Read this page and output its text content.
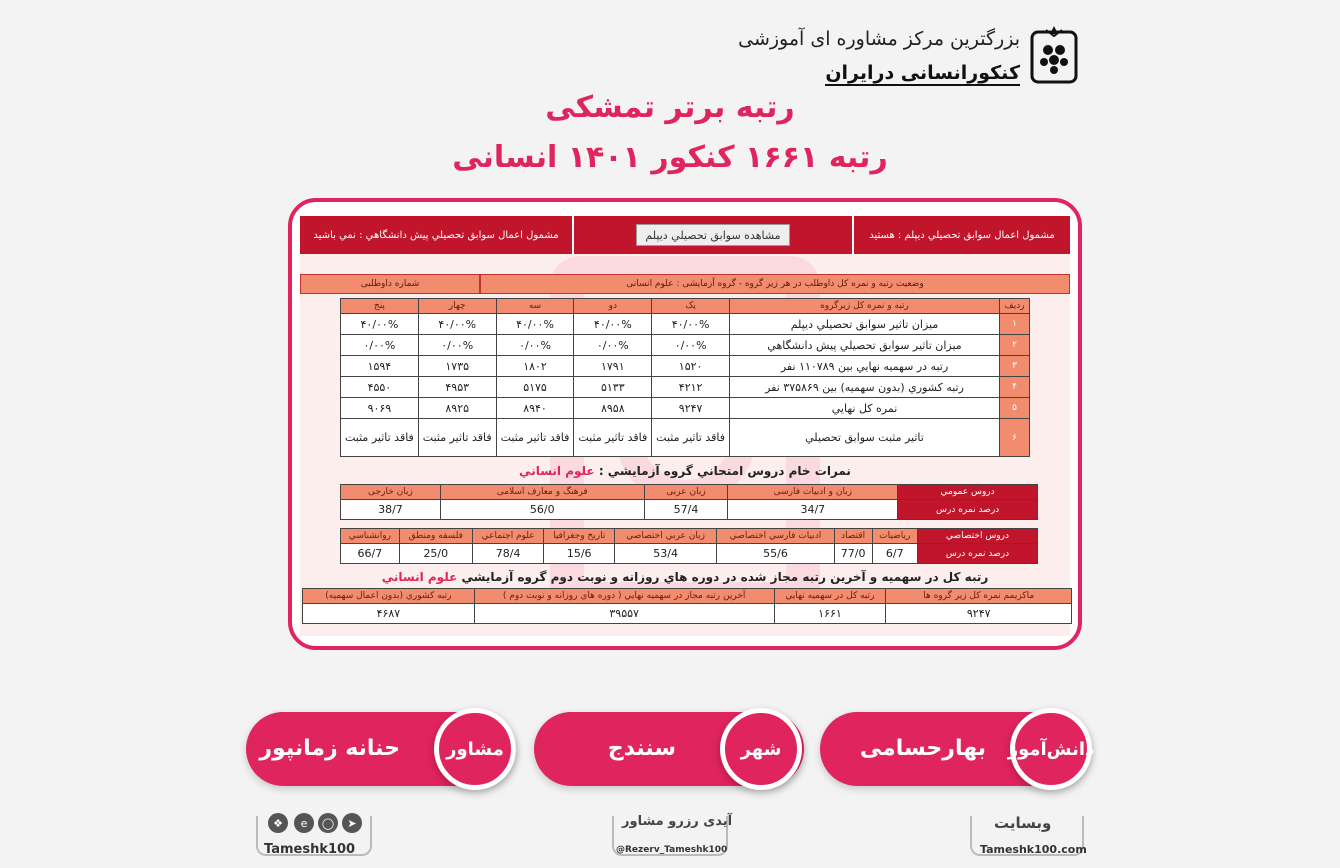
بزرگترین مرکز مشاوره ای آموزشی
کنکورانسانی درایران
رتبه برتر تمشکی
رتبه ۱۶۶۱ کنکور ۱۴۰۱ انسانی
مشمول اعمال سوابق تحصيلي ديپلم : هستيد
مشاهده سوابق تحصيلي ديپلم
مشمول اعمال سوابق تحصيلي پيش دانشگاهي : نمي باشيد
وضعیت رتبه و نمره کل داوطلب در هر زیر گروه - گروه آزمایشی : علوم انسانی
شماره داوطلبی
رديف	رتبه و نمره كل زيرگروه	يک	دو	سه	چهار	پنج
۱	ميزان تاثير سوابق تحصيلي ديپلم	۴۰/۰۰%	۴۰/۰۰%	۴۰/۰۰%	۴۰/۰۰%	۴۰/۰۰%
۲	ميزان تاثير سوابق تحصيلي پيش دانشگاهي	۰/۰۰%	۰/۰۰%	۰/۰۰%	۰/۰۰%	۰/۰۰%
۳	رتبه در سهميه نهايي بين ۱۱۰۷۸۹ نفر	۱۵۲۰	۱۷۹۱	۱۸۰۲	۱۷۳۵	۱۵۹۴
۴	رتبه کشوري (بدون سهميه) بين ۳۷۵۸۶۹ نفر	۴۲۱۲	۵۱۳۳	۵۱۷۵	۴۹۵۳	۴۵۵۰
۵	نمره کل نهايي	۹۲۴۷	۸۹۵۸	۸۹۴۰	۸۹۲۵	۹۰۶۹
۶	تاثير مثبت سوابق تحصيلي	فاقد تاثير مثبت	فاقد تاثير مثبت	فاقد تاثير مثبت	فاقد تاثير مثبت	فاقد تاثير مثبت
نمرات خام دروس امتحاني گروه آزمايشي : علوم انساني
دروس عمومي	زبان و ادبیات فارسی	زبان عربی	فرهنگ و معارف اسلامی	زبان خارجی
درصد نمره درس	34/7	57/4	56/0	38/7
دروس اختصاصي	رياضيات	اقتصاد	ادبيات فارسي اختصاصي	زبان عربي اختصاصي	تاريخ وجغرافيا	علوم اجتماعي	فلسفه ومنطق	روانشناسي
درصد نمره درس	6/7	77/0	55/6	53/4	15/6	78/4	25/0	66/7
رتبه کل در سهميه و آخرين رتبه مجاز شده در دوره هاي روزانه و نوبت دوم گروه آزمايشي علوم انساني
ماکزيمم نمره کل زير گروه ها	رتبه کل در سهميه نهايي	آخرين رتبه مجاز در سهميه نهايي ( دوره هاي روزانه و نوبت دوم )	رتبه کشوري (بدون اعمال سهميه)
۹۲۴۷	۱۶۶۱	۳۹۵۵۷	۴۶۸۷
بهارحسامی دانش‌آموز
سنندج	شهر
حنانه زمانپور	مشاور
وبسایت
Tameshk100.com
آیدی رزرو مشاور
@Rezerv_Tameshk100
➤
◯
e
❖
Tameshk100
